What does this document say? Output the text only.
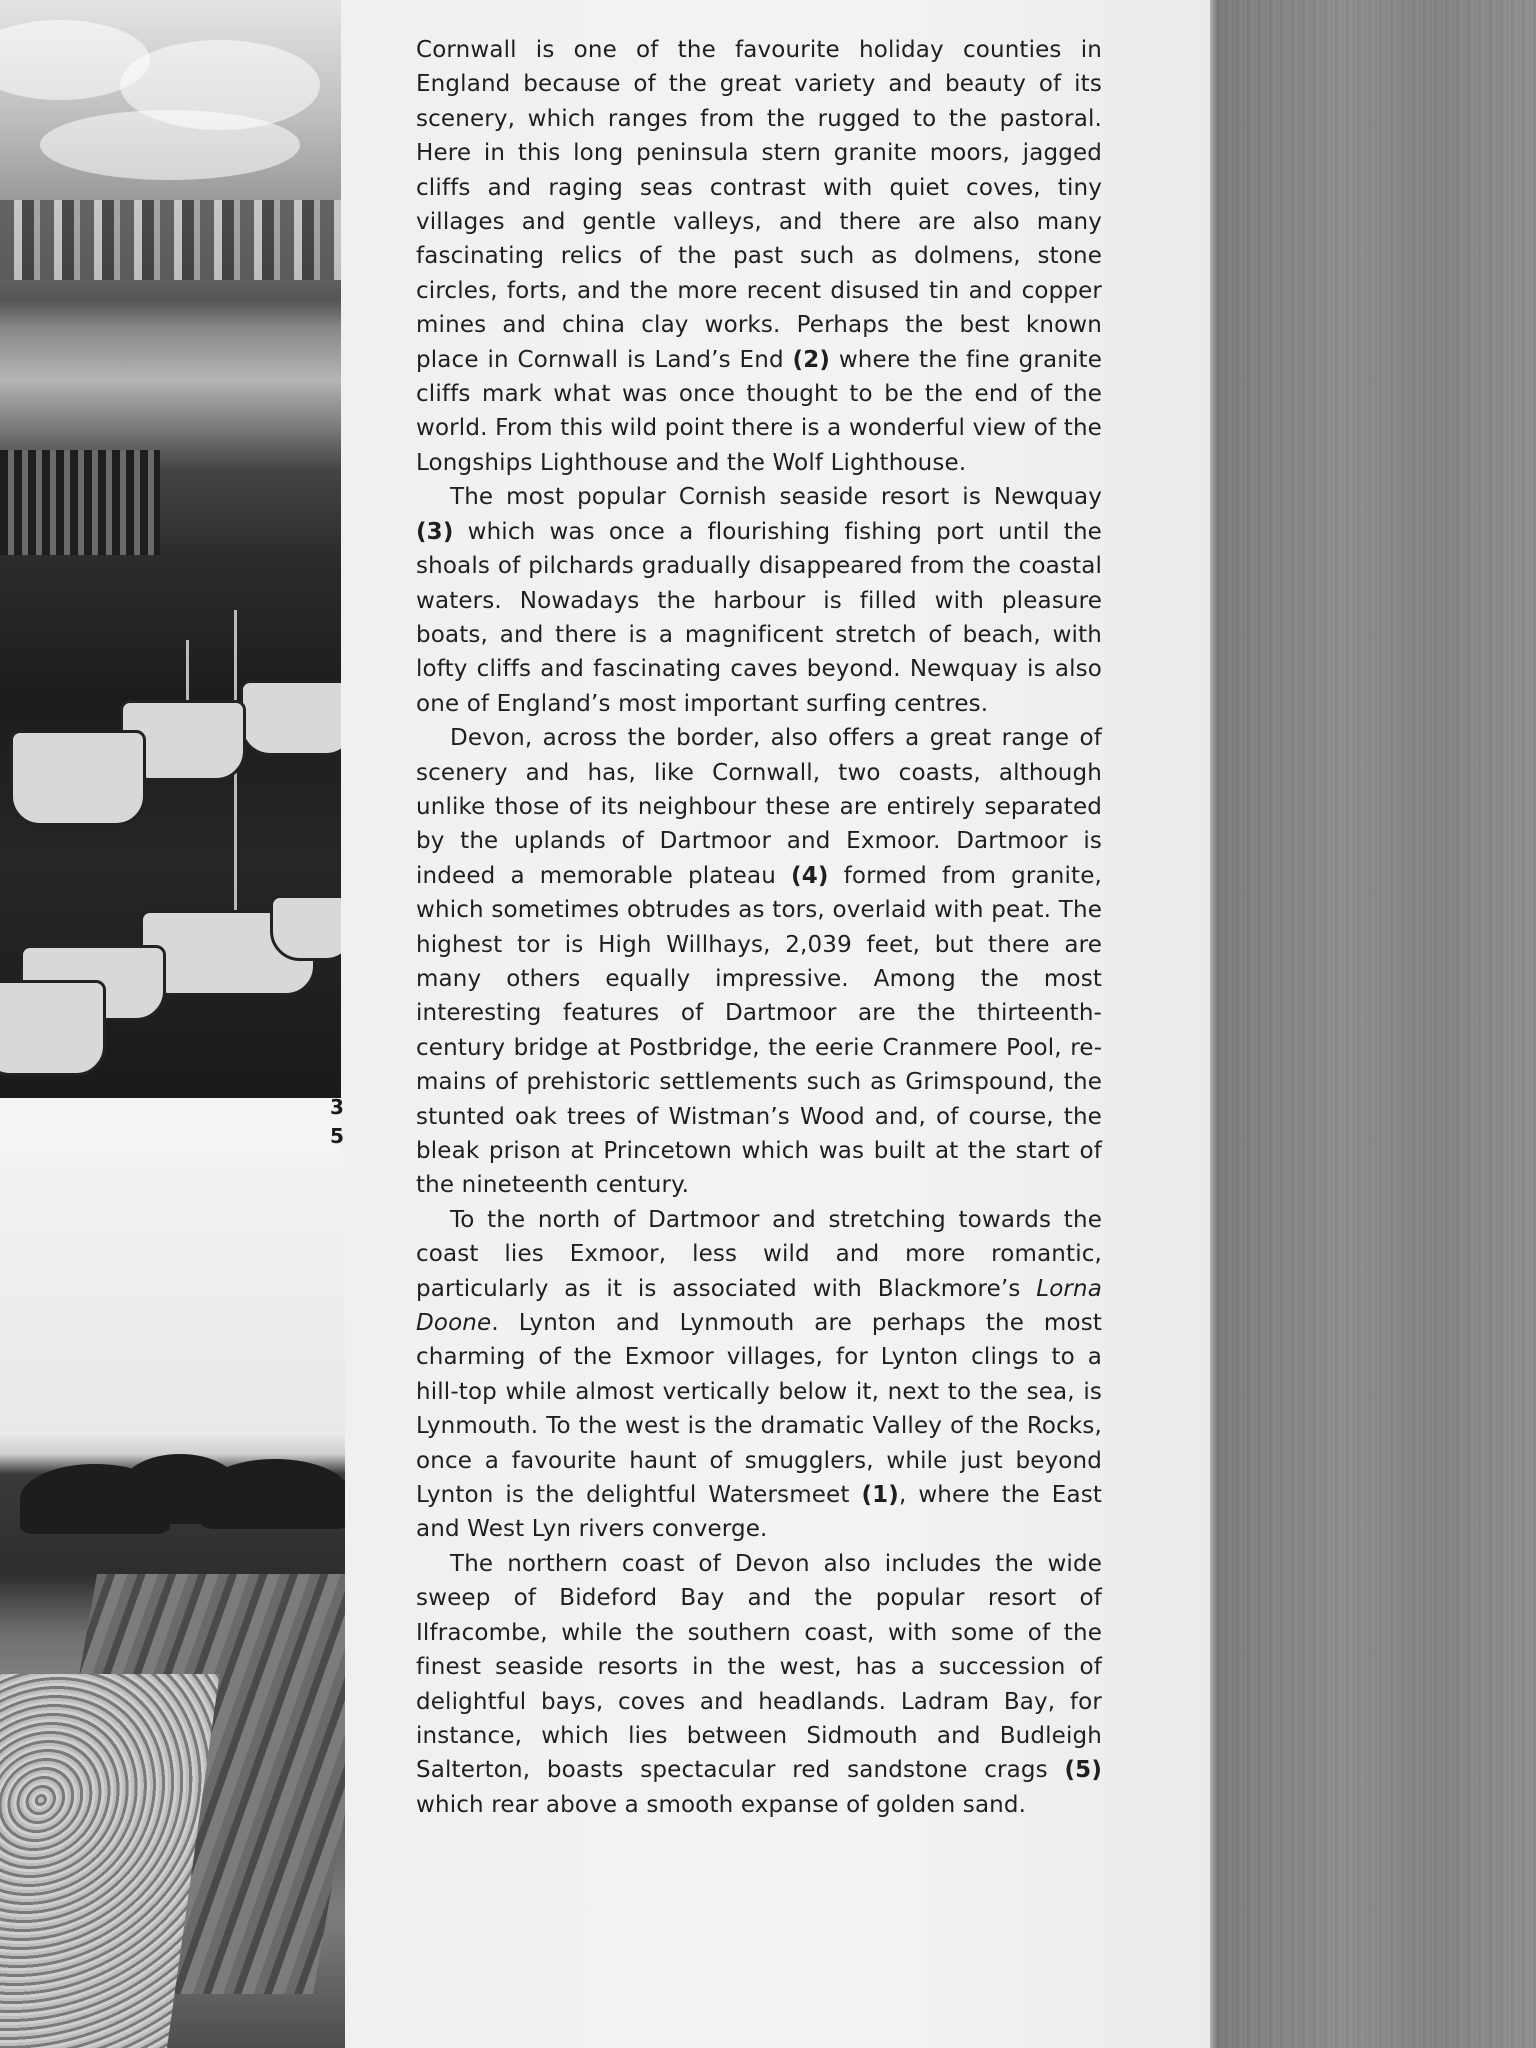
3
5

Cornwall is one of the favourite holiday counties in England because of the great variety and beauty of its scenery, which ranges from the rugged to the pastoral. Here in this long peninsula stern granite moors, jagged cliffs and raging seas contrast with quiet coves, tiny villages and gentle valleys, and there are also many fascinating relics of the past such as dolmens, stone circles, forts, and the more recent disused tin and copper mines and china clay works. Perhaps the best known place in Cornwall is Land’s End (2) where the fine granite cliffs mark what was once thought to be the end of the world. From this wild point there is a wonderful view of the Longships Lighthouse and the Wolf Lighthouse.

The most popular Cornish seaside resort is Newquay (3) which was once a flourishing fishing port until the shoals of pilchards gradually disappeared from the coastal waters. Nowadays the harbour is filled with pleasure boats, and there is a magnificent stretch of beach, with lofty cliffs and fascinating caves beyond. Newquay is also one of England’s most important surfing centres.

Devon, across the border, also offers a great range of scenery and has, like Cornwall, two coasts, although unlike those of its neighbour these are entirely separated by the uplands of Dartmoor and Exmoor. Dartmoor is indeed a memorable plateau (4) formed from granite, which sometimes obtrudes as tors, overlaid with peat. The highest tor is High Willhays, 2,039 feet, but there are many others equally impressive. Among the most interesting features of Dartmoor are the thirteenth-century bridge at Postbridge, the eerie Cranmere Pool, remains of prehistoric settlements such as Grimspound, the stunted oak trees of Wistman’s Wood and, of course, the bleak prison at Princetown which was built at the start of the nineteenth century.

To the north of Dartmoor and stretching towards the coast lies Exmoor, less wild and more romantic, particularly as it is associated with Blackmore’s Lorna Doone. Lynton and Lynmouth are perhaps the most charming of the Exmoor villages, for Lynton clings to a hill-top while almost vertically below it, next to the sea, is Lynmouth. To the west is the dramatic Valley of the Rocks, once a favourite haunt of smugglers, while just beyond Lynton is the delightful Watersmeet (1), where the East and West Lyn rivers converge.

The northern coast of Devon also includes the wide sweep of Bideford Bay and the popular resort of Ilfracombe, while the southern coast, with some of the finest seaside resorts in the west, has a succession of delightful bays, coves and headlands. Ladram Bay, for instance, which lies between Sidmouth and Budleigh Salterton, boasts spectacular red sandstone crags (5) which rear above a smooth expanse of golden sand.
